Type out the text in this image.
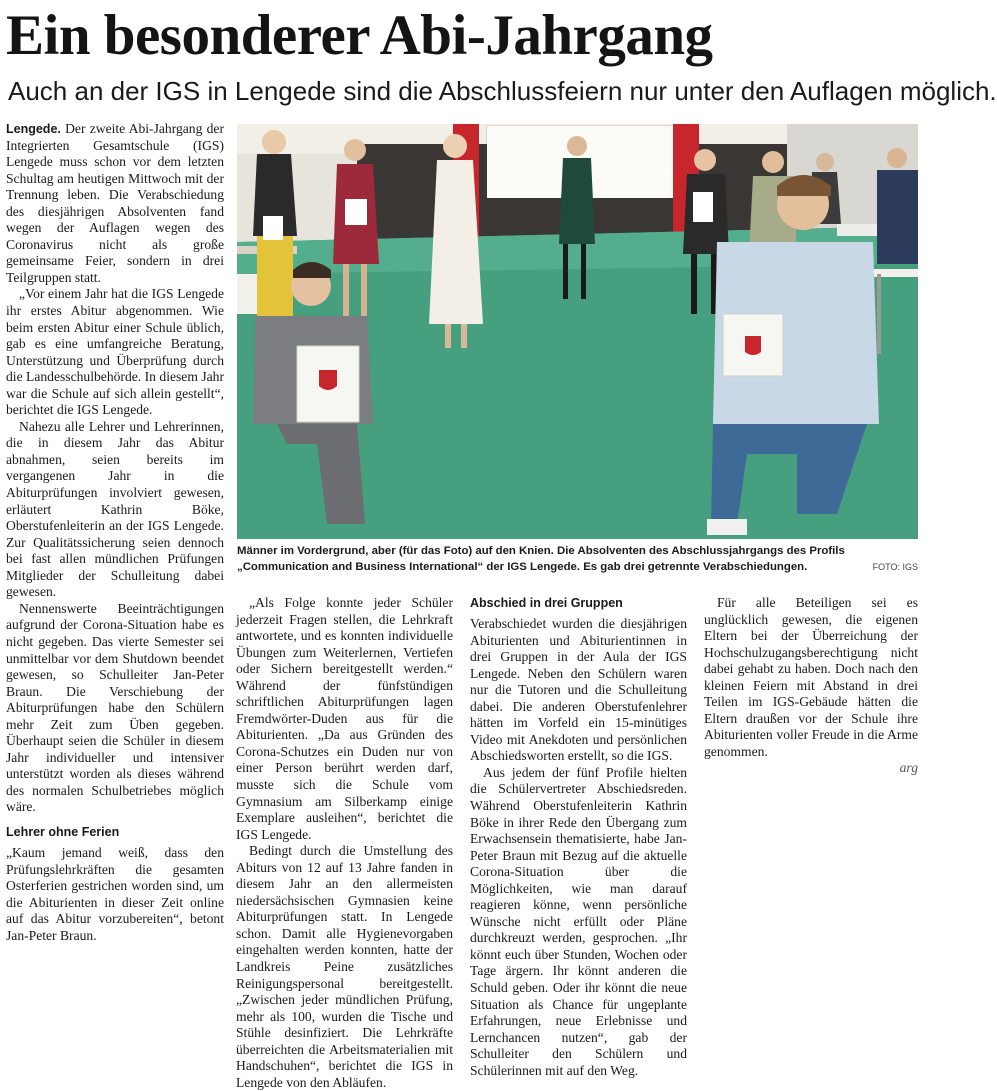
Ein besonderer Abi-Jahrgang
Auch an der IGS in Lengede sind die Abschlussfeiern nur unter den Auflagen möglich.

Lengede. Der zweite Abi-Jahrgang der Integrierten Gesamtschule (IGS) Lengede muss schon vor dem letzten Schultag am heutigen Mittwoch mit der Trennung leben. Die Verabschiedung des diesjährigen Absolventen fand wegen der Auflagen wegen des Coronavirus nicht als große gemeinsame Feier, sondern in drei Teilgruppen statt.

„Vor einem Jahr hat die IGS Lengede ihr erstes Abitur abgenommen. Wie beim ersten Abitur einer Schule üblich, gab es eine umfangreiche Beratung, Unterstützung und Überprüfung durch die Landesschulbehörde. In diesem Jahr war die Schule auf sich allein gestellt“, berichtet die IGS Lengede.

Nahezu alle Lehrer und Lehrerinnen, die in diesem Jahr das Abitur abnahmen, seien bereits im vergangenen Jahr in die Abiturprüfungen involviert gewesen, erläutert Kathrin Böke, Oberstufenleiterin an der IGS Lengede. Zur Qualitätssicherung seien dennoch bei fast allen mündlichen Prüfungen Mitglieder der Schulleitung dabei gewesen.

Nennenswerte Beeinträchtigungen aufgrund der Corona-Situation habe es nicht gegeben. Das vierte Semester sei unmittelbar vor dem Shutdown beendet gewesen, so Schulleiter Jan-Peter Braun. Die Verschiebung der Abiturprüfungen habe den Schülern mehr Zeit zum Üben gegeben. Überhaupt seien die Schüler in diesem Jahr individueller und intensiver unterstützt worden als dieses während des normalen Schulbetriebes möglich wäre.

Lehrer ohne Ferien

„Kaum jemand weiß, dass den Prüfungslehrkräften die gesamten Osterferien gestrichen worden sind, um die Abiturienten in dieser Zeit online auf das Abitur vorzubereiten“, betont Jan-Peter Braun.

Männer im Vordergrund, aber (für das Foto) auf den Knien. Die Absolventen des Abschlussjahrgangs des Profils „Communication and Business International“ der IGS Lengede. Es gab drei getrennte Verabschiedungen.	FOTO: IGS

„Als Folge konnte jeder Schüler jederzeit Fragen stellen, die Lehrkraft antwortete, und es konnten individuelle Übungen zum Weiterlernen, Vertiefen oder Sichern bereitgestellt werden.“ Während der fünfstündigen schriftlichen Abiturprüfungen lagen Fremdwörter-Duden aus für die Abiturienten. „Da aus Gründen des Corona-Schutzes ein Duden nur von einer Person berührt werden darf, musste sich die Schule vom Gymnasium am Silberkamp einige Exemplare ausleihen“, berichtet die IGS Lengede.

Bedingt durch die Umstellung des Abiturs von 12 auf 13 Jahre fanden in diesem Jahr an den allermeisten niedersächsischen Gymnasien keine Abiturprüfungen statt. In Lengede schon. Damit alle Hygienevorgaben eingehalten werden konnten, hatte der Landkreis Peine zusätzliches Reinigungspersonal bereitgestellt. „Zwischen jeder mündlichen Prüfung, mehr als 100, wurden die Tische und Stühle desinfiziert. Die Lehrkräfte überreichten die Arbeitsmaterialien mit Handschuhen“, berichtet die IGS in Lengede von den Abläufen.

Abschied in drei Gruppen

Verabschiedet wurden die diesjährigen Abiturienten und Abiturientinnen in drei Gruppen in der Aula der IGS Lengede. Neben den Schülern waren nur die Tutoren und die Schulleitung dabei. Die anderen Oberstufenlehrer hätten im Vorfeld ein 15-minütiges Video mit Anekdoten und persönlichen Abschiedsworten erstellt, so die IGS.

Aus jedem der fünf Profile hielten die Schülervertreter Abschiedsreden. Während Oberstufenleiterin Kathrin Böke in ihrer Rede den Übergang zum Erwachsensein thematisierte, habe Jan-Peter Braun mit Bezug auf die aktuelle Corona-Situation über die Möglichkeiten, wie man darauf reagieren könne, wenn persönliche Wünsche nicht erfüllt oder Pläne durchkreuzt werden, gesprochen. „Ihr könnt euch über Stunden, Wochen oder Tage ärgern. Ihr könnt anderen die Schuld geben. Oder ihr könnt die neue Situation als Chance für ungeplante Erfahrungen, neue Erlebnisse und Lernchancen nutzen“, gab der Schulleiter den Schülern und Schülerinnen mit auf den Weg.

Für alle Beteiligen sei es unglücklich gewesen, die eigenen Eltern bei der Überreichung der Hochschulzugangsberechtigung nicht dabei gehabt zu haben. Doch nach den kleinen Feiern mit Abstand in drei Teilen im IGS-Gebäude hätten die Eltern draußen vor der Schule ihre Abiturienten voller Freude in die Arme genommen.

arg
